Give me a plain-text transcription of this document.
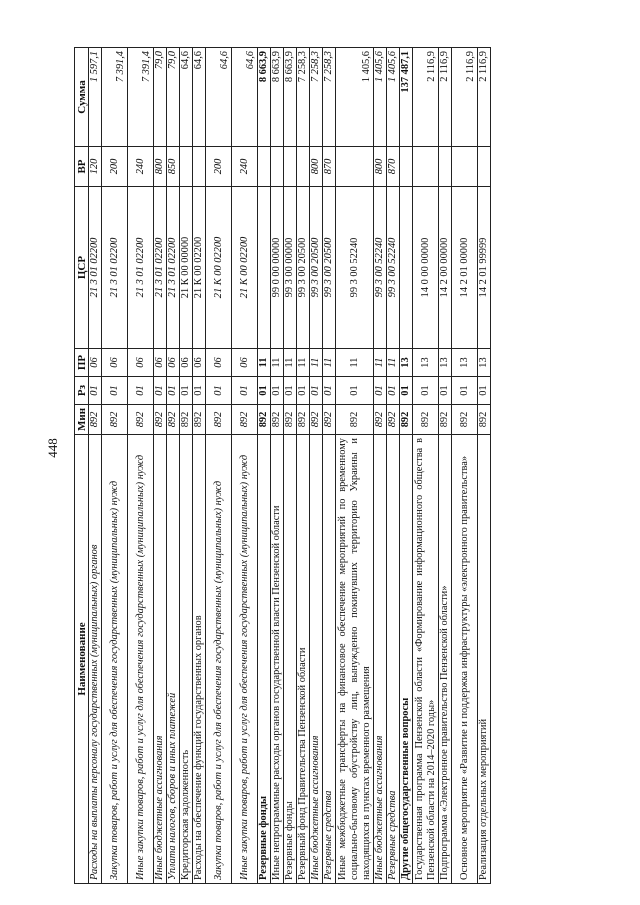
448
Наименование	Мин	Рз	ПР	ЦСР	ВР	Сумма
Расходы на выплаты персоналу государственных (муниципальных) органов	892	01	06	21 3 01 02200	120	1 597,1
Закупка товаров, работ и услуг для обеспечения государственных (муниципальных) нужд	892	01	06	21 3 01 02200	200	7 391,4
Иные закупки товаров, работ и услуг для обеспечения государственных (муниципальных) нужд	892	01	06	21 3 01 02200	240	7 391,4
Иные бюджетные ассигнования	892	01	06	21 3 01 02200	800	79,0
Уплата налогов, сборов и иных платежей	892	01	06	21 3 01 02200	850	79,0
Кредиторская задолженность	892	01	06	21 К 00 00000		64,6
Расходы на обеспечение функций государственных органов	892	01	06	21 К 00 02200		64,6
Закупка товаров, работ и услуг для обеспечения государственных (муниципальных) нужд	892	01	06	21 К 00 02200	200	64,6
Иные закупки товаров, работ и услуг для обеспечения государственных (муниципальных) нужд	892	01	06	21 К 00 02200	240	64,6
Резервные фонды	892	01	11			8 663,9
Иные непрограммные расходы органов государственной власти Пензенской области	892	01	11	99 0 00 00000		8 663,9
Резервные фонды	892	01	11	99 3 00 00000		8 663,9
Резервный фонд Правительства Пензенской области	892	01	11	99 3 00 20500		7 258,3
Иные бюджетные ассигнования	892	01	11	99 3 00 20500	800	7 258,3
Резервные средства	892	01	11	99 3 00 20500	870	7 258,3
Иные межбюджетные трансферты на финансовое обеспечение мероприятий по временному социально-бытовому обустройству лиц, вынужденно покинувших территорию Украины и находящихся в пунктах временного размещения	892	01	11	99 3 00 52240		1 405,6
Иные бюджетные ассигнования	892	01	11	99 3 00 52240	800	1 405,6
Резервные средства	892	01	11	99 3 00 52240	870	1 405,6
Другие общегосударственные вопросы	892	01	13			137 487,1
Государственная программа Пензенской области «Формирование информационного общества в Пензенской области на 2014–2020 годы»	892	01	13	14 0 00 00000		2 116,9
Подпрограмма «Электронное правительство Пензенской области»	892	01	13	14 2 00 00000		2 116,9
Основное мероприятие «Развитие и поддержка инфраструктуры «электронного правительства»	892	01	13	14 2 01 00000		2 116,9
Реализация отдельных мероприятий	892	01	13	14 2 01 99999		2 116,9
